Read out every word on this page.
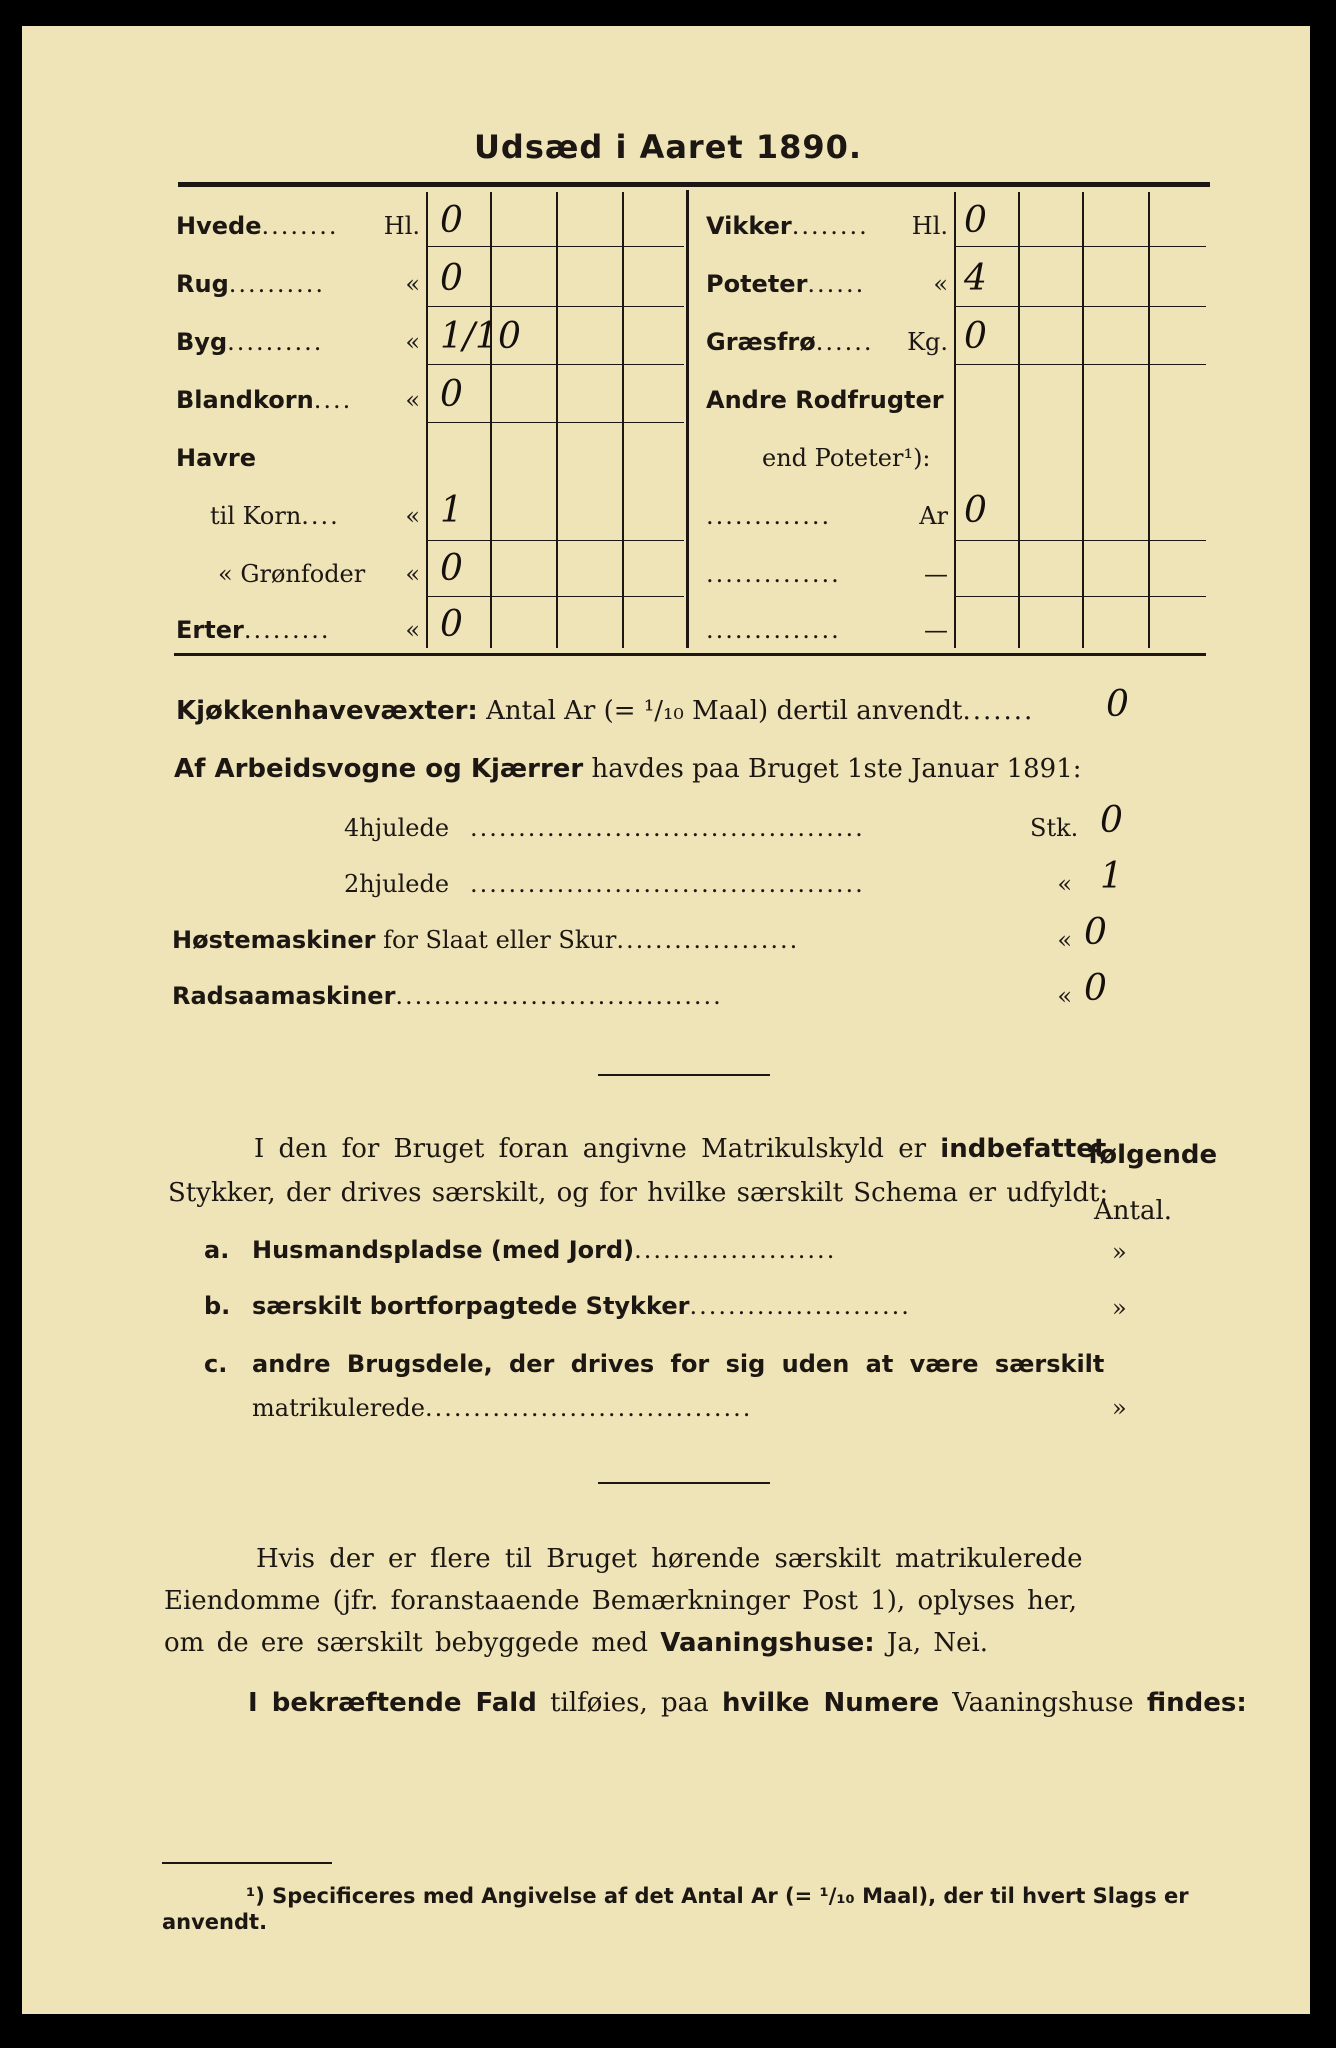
Udsæd i Aaret 1890.
Hvede........	Hl. 0
Rug..........	« 0
Byg..........	« 1/10
Blandkorn....	« 0
Havre
til Korn....	« 1
« Grønfoder	« 0
Erter.........	« 0
Vikker........	Hl. 0
Poteter......	« 4
Græsfrø......	Kg. 0
Andre Rodfrugter
end Poteter¹):
.............	Ar 0
..............	—
..............	—
Kjøkkenhavevæxter: Antal Ar (= ¹/₁₀ Maal) dertil anvendt....... 0
Af Arbeidsvogne og Kjærrer havdes paa Bruget 1ste Januar 1891:
4hjulede .........................................	Stk. 0
2hjulede .........................................	« 1
Høstemaskiner for Slaat eller Skur...................	« 0
Radsaamaskiner..................................	« 0
I den for Bruget foran angivne Matrikulskyld er indbefattet
følgende
Stykker, der drives særskilt, og for hvilke særskilt Schema er udfyldt:
Antal.
a. Husmandspladse (med Jord).....................	»
b. særskilt bortforpagtede Stykker.......................	»
c. andre Brugsdele, der drives for sig uden at være særskilt
»
matrikulerede..................................
Hvis der er flere til Bruget hørende særskilt matrikulerede
Eiendomme (jfr. foranstaaende Bemærkninger Post 1), oplyses her,
om de ere særskilt bebyggede med Vaaningshuse: Ja, Nei.
I bekræftende Fald tilføies, paa hvilke Numere Vaaningshuse findes:
¹) Specificeres med Angivelse af det Antal Ar (= ¹/₁₀ Maal), der til hvert Slags er
anvendt.
